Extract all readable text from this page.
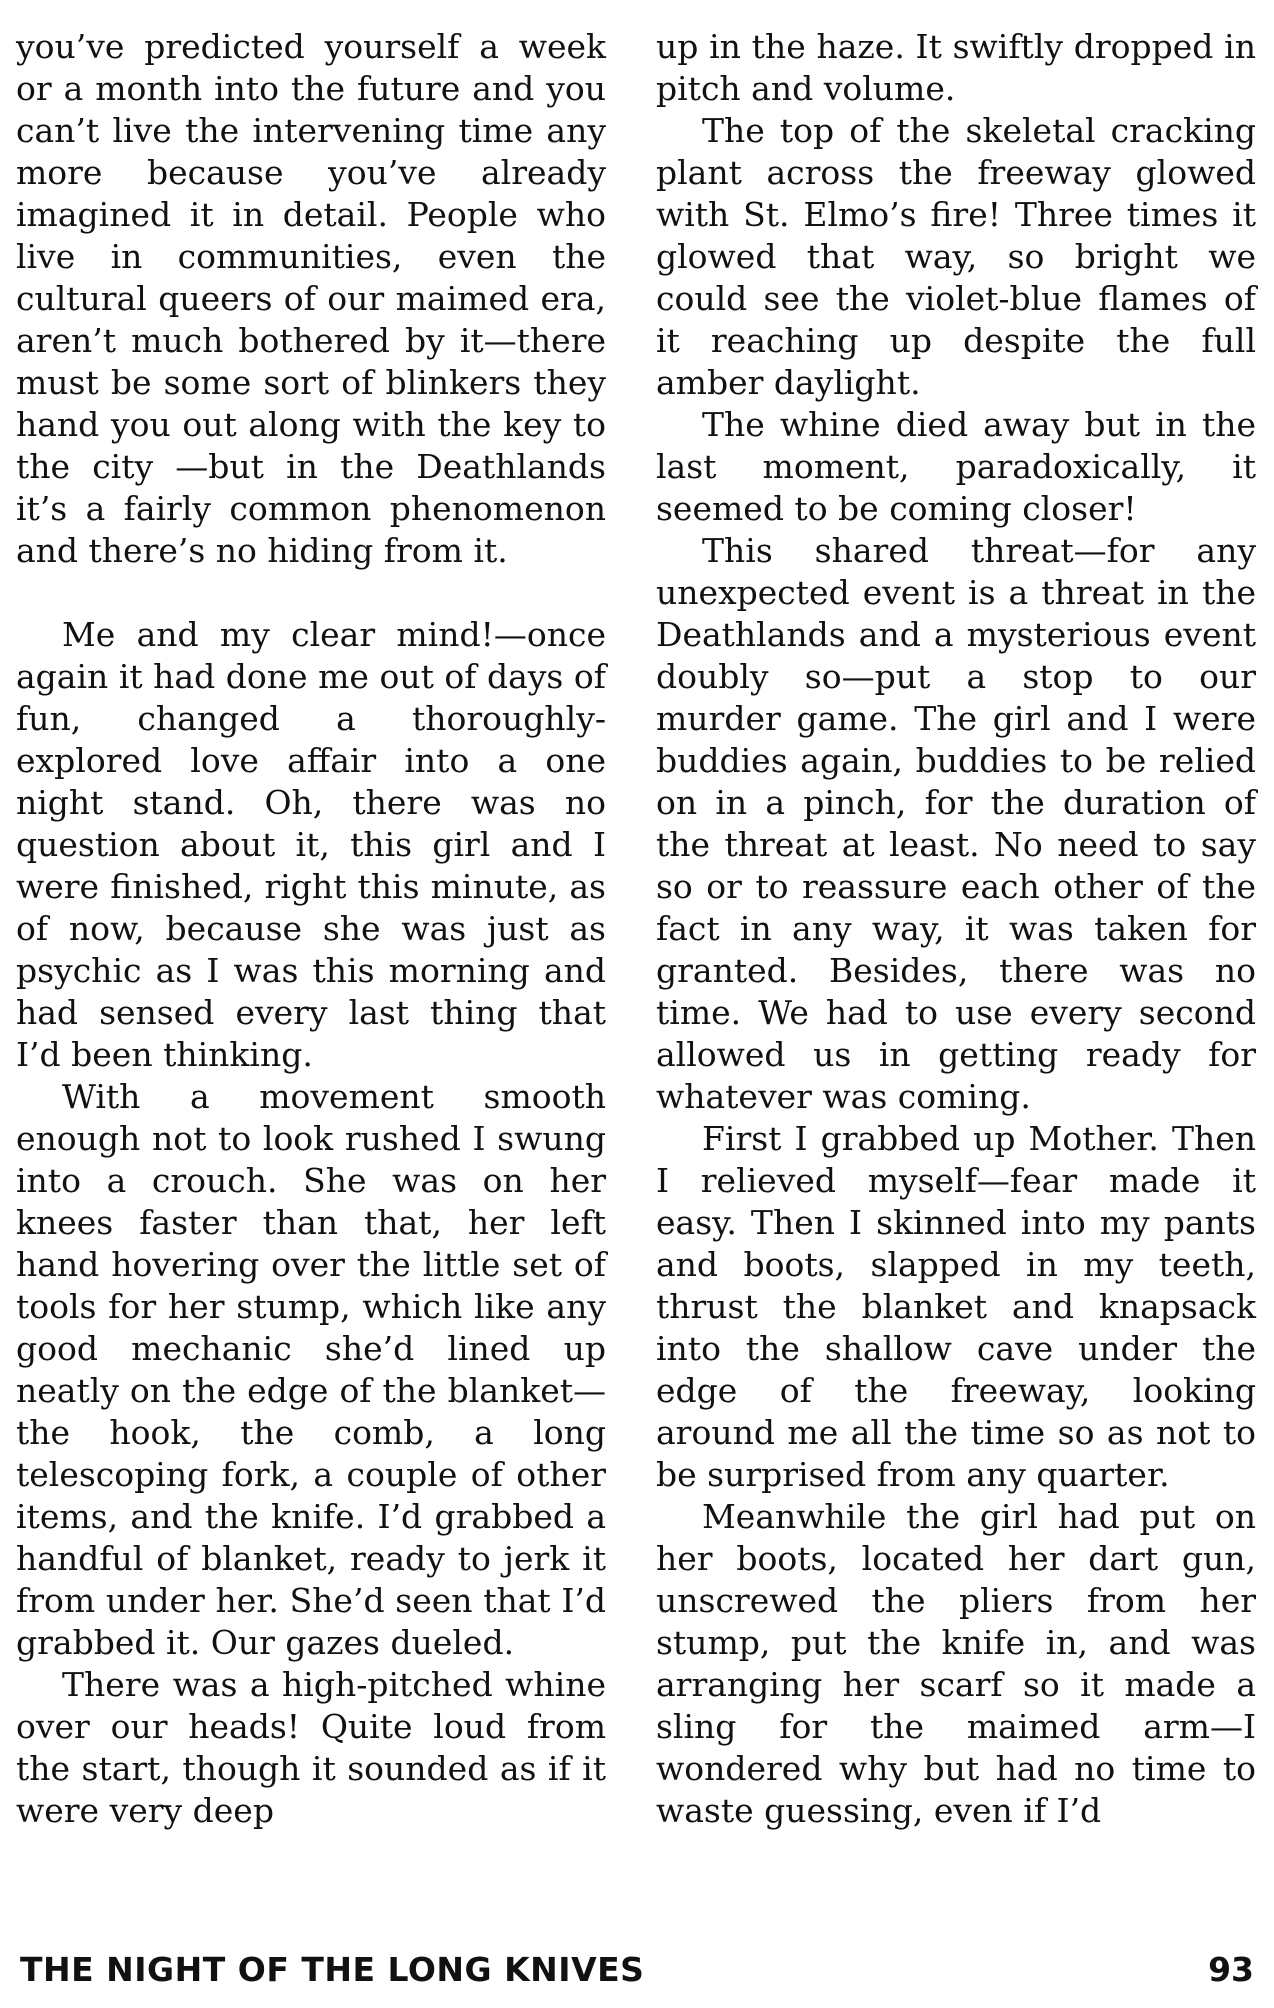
you’ve predicted yourself a week or a month into the future and you can’t live the intervening time any more because you’ve already imagined it in detail. People who live in communities, even the cultural queers of our maimed era, aren’t much bothered by it—there must be some sort of blinkers they hand you out along with the key to the city —but in the Deathlands it’s a fairly common phenomenon and there’s no hiding from it.

Me and my clear mind!—once again it had done me out of days of fun, changed a thoroughly-explored love affair into a one night stand. Oh, there was no question about it, this girl and I were finished, right this minute, as of now, because she was just as psychic as I was this morning and had sensed every last thing that I’d been thinking.

With a movement smooth enough not to look rushed I swung into a crouch. She was on her knees faster than that, her left hand hovering over the little set of tools for her stump, which like any good mechanic she’d lined up neatly on the edge of the blanket—the hook, the comb, a long telescoping fork, a couple of other items, and the knife. I’d grabbed a handful of blanket, ready to jerk it from under her. She’d seen that I’d grabbed it. Our gazes dueled.

There was a high-pitched whine over our heads! Quite loud from the start, though it sounded as if it were very deep

up in the haze. It swiftly dropped in pitch and volume.

The top of the skeletal cracking plant across the freeway glowed with St. Elmo’s fire! Three times it glowed that way, so bright we could see the violet-blue flames of it reaching up despite the full amber daylight.

The whine died away but in the last moment, paradoxically, it seemed to be coming closer!

This shared threat—for any unexpected event is a threat in the Deathlands and a mysterious event doubly so—put a stop to our murder game. The girl and I were buddies again, buddies to be relied on in a pinch, for the duration of the threat at least. No need to say so or to reassure each other of the fact in any way, it was taken for granted. Besides, there was no time. We had to use every second allowed us in getting ready for whatever was coming.

First I grabbed up Mother. Then I relieved myself—fear made it easy. Then I skinned into my pants and boots, slapped in my teeth, thrust the blanket and knapsack into the shallow cave under the edge of the freeway, looking around me all the time so as not to be surprised from any quarter.

Meanwhile the girl had put on her boots, located her dart gun, unscrewed the pliers from her stump, put the knife in, and was arranging her scarf so it made a sling for the maimed arm—I wondered why but had no time to waste guessing, even if I’d

THE NIGHT OF THE LONG KNIVES	93
